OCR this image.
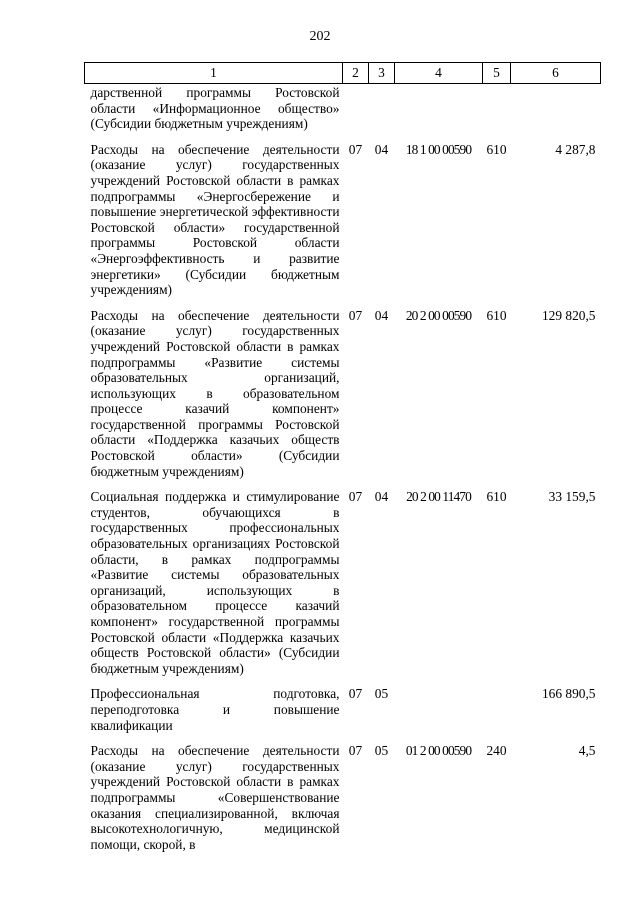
202
1	2	3	4	5	6
дарственной программы Ростовской области «Информационное общество» (Субсидии бюджетным учреждениям)					
Расходы на обеспечение деятельности (оказание услуг) государственных учреждений Ростовской области в рамках подпрограммы «Энергосбережение и повышение энергетической эффективности Ростовской области» государственной программы Ростовской области «Энергоэффективность и развитие энергетики» (Субсидии бюджетным учреждениям)	07	04	18 1 00 00590	610	4 287,8
Расходы на обеспечение деятельности (оказание услуг) государственных учреждений Ростовской области в рамках подпрограммы «Развитие системы образовательных организаций, использующих в образовательном процессе казачий компонент» государственной программы Ростовской области «Поддержка казачьих обществ Ростовской области» (Субсидии бюджетным учреждениям)	07	04	20 2 00 00590	610	129 820,5
Социальная поддержка и стимулирование студентов, обучающихся в государственных профессиональных образовательных организациях Ростовской области, в рамках подпрограммы «Развитие системы образовательных организаций, использующих в образовательном процессе казачий компонент» государственной программы Ростовской области «Поддержка казачьих обществ Ростовской области» (Субсидии бюджетным учреждениям)	07	04	20 2 00 11470	610	33 159,5
Профессиональная подготовка, переподготовка и повышение квалификации	07	05			166 890,5
Расходы на обеспечение деятельности (оказание услуг) государственных учреждений Ростовской области в рамках подпрограммы «Совершенствование оказания специализированной, включая высокотехнологичную, медицинской помощи, скорой, в	07	05	01 2 00 00590	240	4,5
